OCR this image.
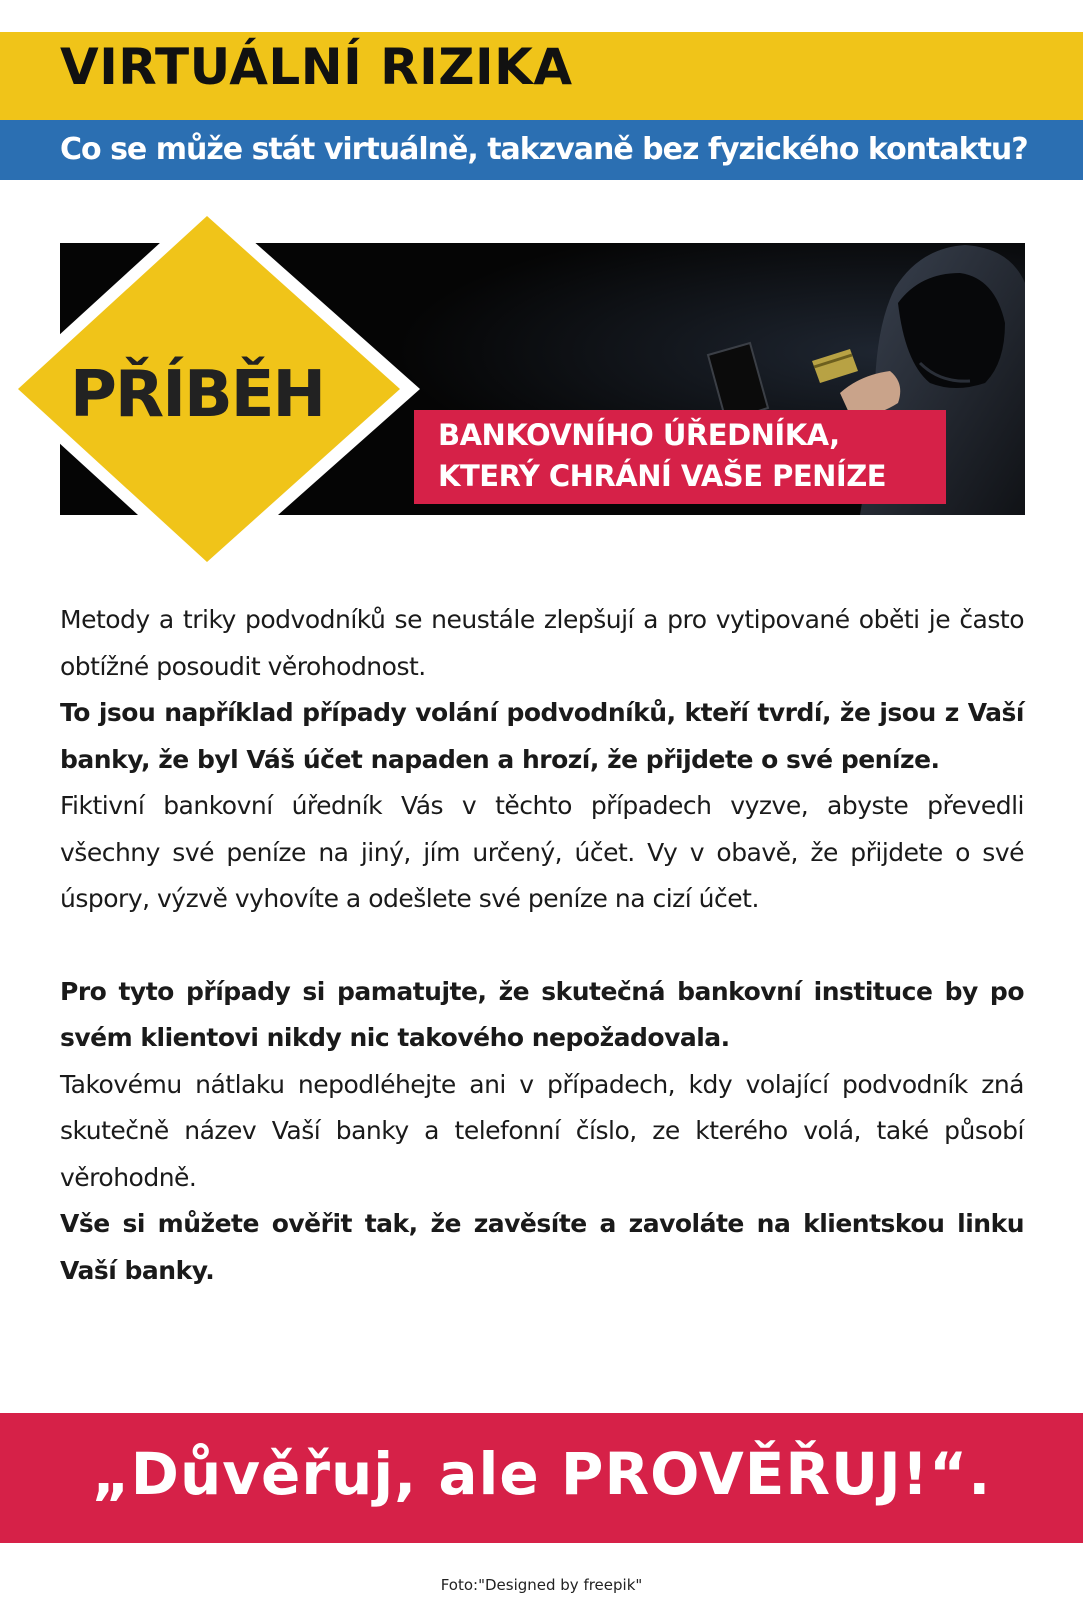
VIRTUÁLNÍ RIZIKA
Co se může stát virtuálně, takzvaně bez fyzického kontaktu?
PŘÍBĚH
BANKOVNÍHO ÚŘEDNÍKA,
KTERÝ CHRÁNÍ VAŠE PENÍZE

Metody a triky podvodníků se neustále zlepšují a pro vytipované oběti je často obtížné posoudit věrohodnost.

To jsou například případy volání podvodníků, kteří tvrdí, že jsou z Vaší banky, že byl Váš účet napaden a hrozí, že přijdete o své peníze.

Fiktivní bankovní úředník Vás v těchto případech vyzve, abyste převedli všechny své peníze na jiný, jím určený, účet. Vy v obavě, že přijdete o své úspory, výzvě vyhovíte a odešlete své peníze na cizí účet.

Pro tyto případy si pamatujte, že skutečná bankovní instituce by po svém klientovi nikdy nic takového nepožadovala.

Takovému nátlaku nepodléhejte ani v případech, kdy volající podvodník zná skutečně název Vaší banky a telefonní číslo, ze kterého volá, také působí věrohodně.

Vše si můžete ověřit tak, že zavěsíte a zavoláte na klientskou linku Vaší banky.

„Důvěřuj, ale PROVĚŘUJ!“.
Foto:"Designed by freepik"
